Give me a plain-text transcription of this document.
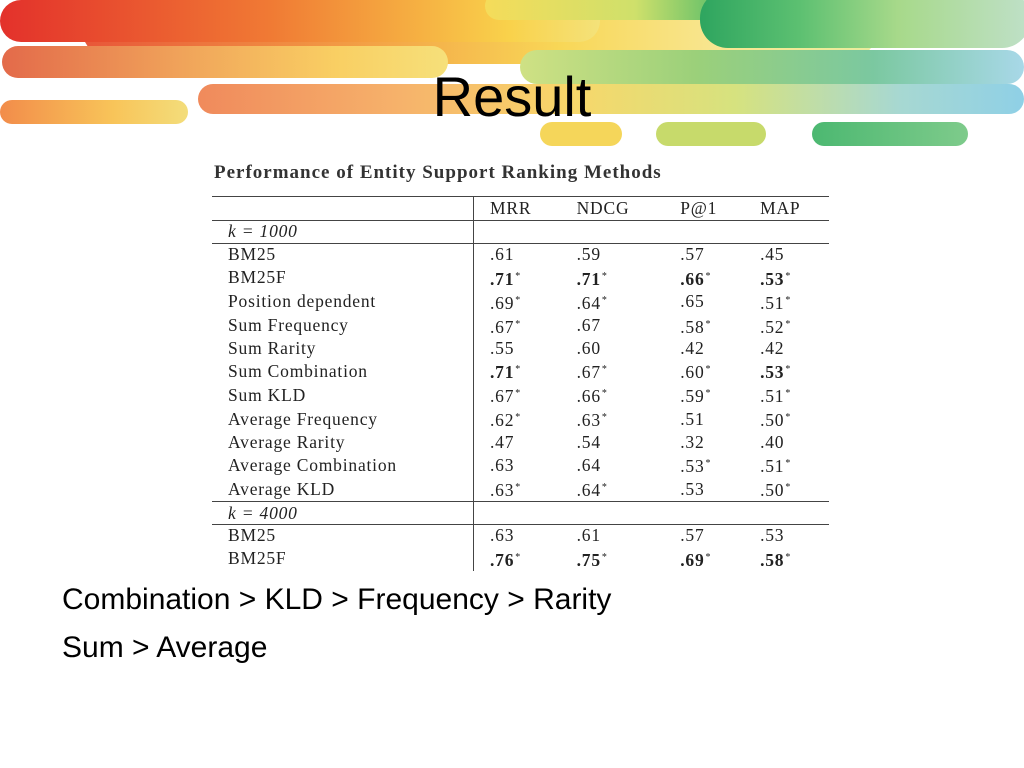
Result
Performance of Entity Support Ranking Methods
	MRR	NDCG	P@1	MAP
k = 1000				
BM25	.61	.59	.57	.45
BM25F	.71*	.71*	.66*	.53*
Position dependent	.69*	.64*	.65	.51*
Sum Frequency	.67*	.67	.58*	.52*
Sum Rarity	.55	.60	.42	.42
Sum Combination	.71*	.67*	.60*	.53*
Sum KLD	.67*	.66*	.59*	.51*
Average Frequency	.62*	.63*	.51	.50*
Average Rarity	.47	.54	.32	.40
Average Combination	.63	.64	.53*	.51*
Average KLD	.63*	.64*	.53	.50*
k = 4000				
BM25	.63	.61	.57	.53
BM25F	.76*	.75*	.69*	.58*
Combination > KLD > Frequency > Rarity
Sum > Average
